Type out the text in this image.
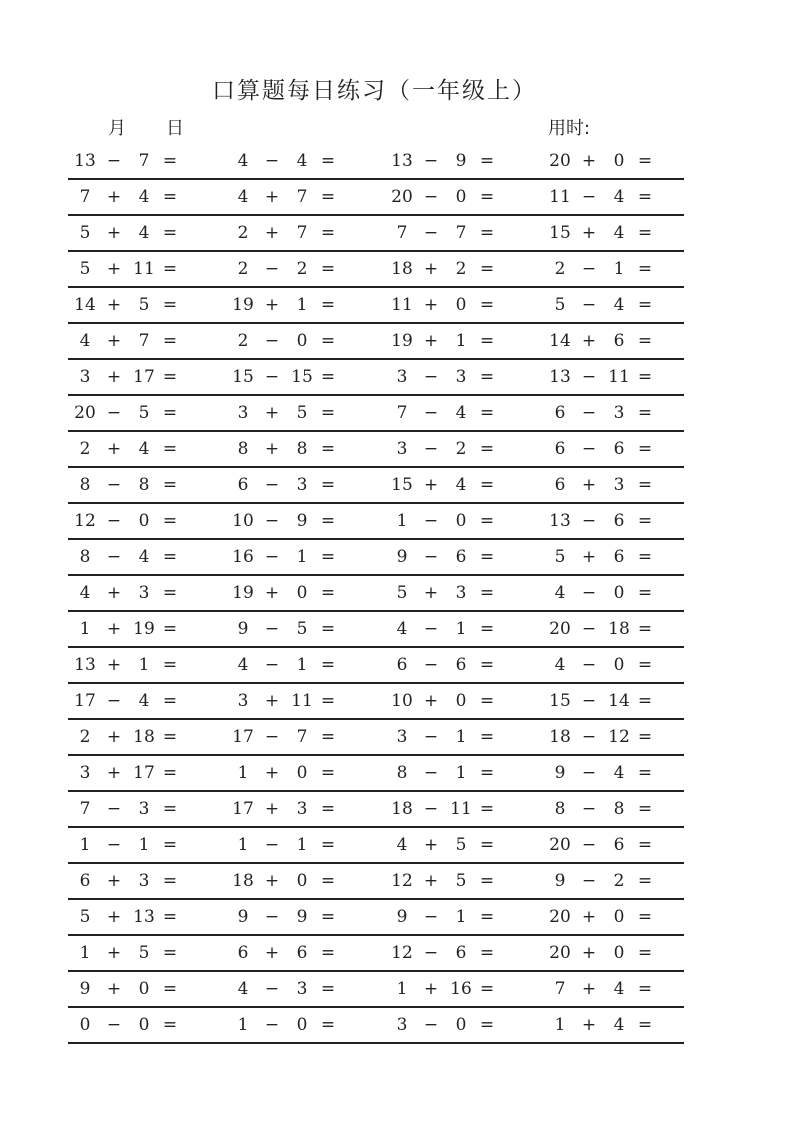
口算题每日练习（一年级上）
月 日	用时:
13 −	7 =	4 −	4 =	13 −	9 =	20 +	0 =
7 +	4 =	4 +	7 =	20 −	0 =	11 −	4 =
5 +	4 =	2 +	7 =	7 −	7 =	15 +	4 =
5 + 11 =	2 −	2 =	18 +	2 =	2 −	1 =
14 +	5 =	19 +	1 =	11 +	0 =	5 −	4 =
4 +	7 =	2 −	0 =	19 +	1 =	14 +	6 =
3 + 17 =	15 − 15 =	3 −	3 =	13 − 11 =
20 −	5 =	3 +	5 =	7 −	4 =	6 −	3 =
2 +	4 =	8 +	8 =	3 −	2 =	6 −	6 =
8 −	8 =	6 −	3 =	15 +	4 =	6 +	3 =
12 −	0 =	10 −	9 =	1 −	0 =	13 −	6 =
8 −	4 =	16 −	1 =	9 −	6 =	5 +	6 =
4 +	3 =	19 +	0 =	5 +	3 =	4 −	0 =
1 + 19 =	9 −	5 =	4 −	1 =	20 − 18 =
13 +	1 =	4 −	1 =	6 −	6 =	4 −	0 =
17 −	4 =	3 + 11 =	10 +	0 =	15 − 14 =
2 + 18 =	17 −	7 =	3 −	1 =	18 − 12 =
3 + 17 =	1 +	0 =	8 −	1 =	9 −	4 =
7 −	3 =	17 +	3 =	18 − 11 =	8 −	8 =
1 −	1 =	1 −	1 =	4 +	5 =	20 −	6 =
6 +	3 =	18 +	0 =	12 +	5 =	9 −	2 =
5 + 13 =	9 −	9 =	9 −	1 =	20 +	0 =
1 +	5 =	6 +	6 =	12 −	6 =	20 +	0 =
9 +	0 =	4 −	3 =	1 + 16 =	7 +	4 =
0 −	0 =	1 −	0 =	3 −	0 =	1 +	4 =
